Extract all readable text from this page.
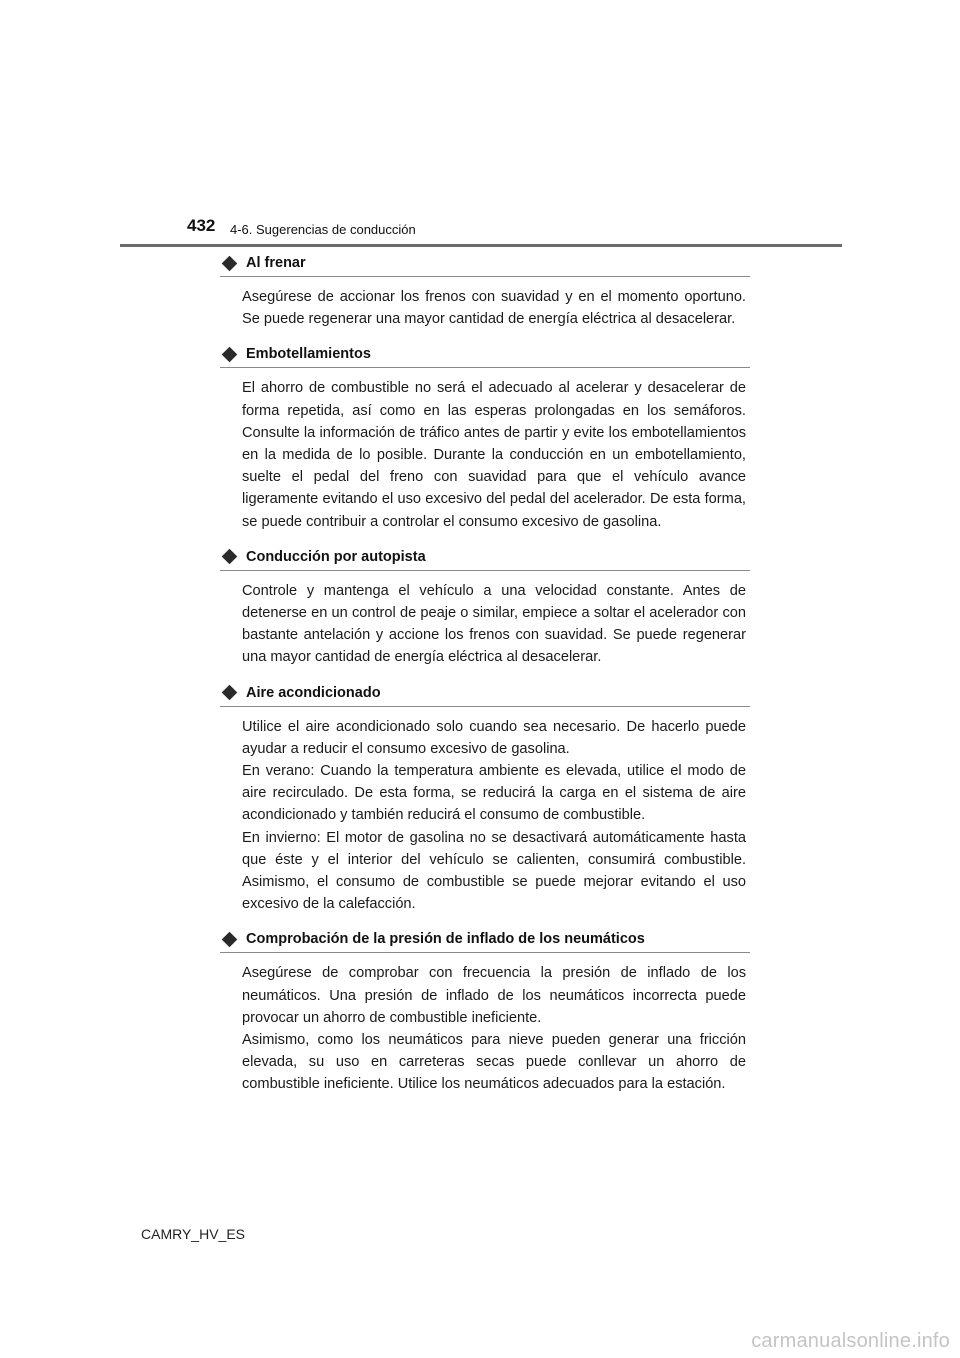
432 4-6. Sugerencias de conducción
Al frenar

Asegúrese de accionar los frenos con suavidad y en el momento oportuno. Se puede regenerar una mayor cantidad de energía eléctrica al desacelerar.

Embotellamientos

El ahorro de combustible no será el adecuado al acelerar y desacelerar de forma repetida, así como en las esperas prolongadas en los semáforos. Consulte la información de tráfico antes de partir y evite los embotellamientos en la medida de lo posible. Durante la conducción en un embotellamiento, suelte el pedal del freno con suavidad para que el vehículo avance ligeramente evitando el uso excesivo del pedal del acelerador. De esta forma, se puede contribuir a controlar el consumo excesivo de gasolina.

Conducción por autopista

Controle y mantenga el vehículo a una velocidad constante. Antes de detenerse en un control de peaje o similar, empiece a soltar el acelerador con bastante antelación y accione los frenos con suavidad. Se puede regenerar una mayor cantidad de energía eléctrica al desacelerar.

Aire acondicionado

Utilice el aire acondicionado solo cuando sea necesario. De hacerlo puede ayudar a reducir el consumo excesivo de gasolina.

En verano: Cuando la temperatura ambiente es elevada, utilice el modo de aire recirculado. De esta forma, se reducirá la carga en el sistema de aire acondicionado y también reducirá el consumo de combustible.

En invierno: El motor de gasolina no se desactivará automáticamente hasta que éste y el interior del vehículo se calienten, consumirá combustible. Asimismo, el consumo de combustible se puede mejorar evitando el uso excesivo de la calefacción.

Comprobación de la presión de inflado de los neumáticos

Asegúrese de comprobar con frecuencia la presión de inflado de los neumáticos. Una presión de inflado de los neumáticos incorrecta puede provocar un ahorro de combustible ineficiente.

Asimismo, como los neumáticos para nieve pueden generar una fricción elevada, su uso en carreteras secas puede conllevar un ahorro de combustible ineficiente. Utilice los neumáticos adecuados para la estación.

CAMRY_HV_ES
carmanualsonline.info
